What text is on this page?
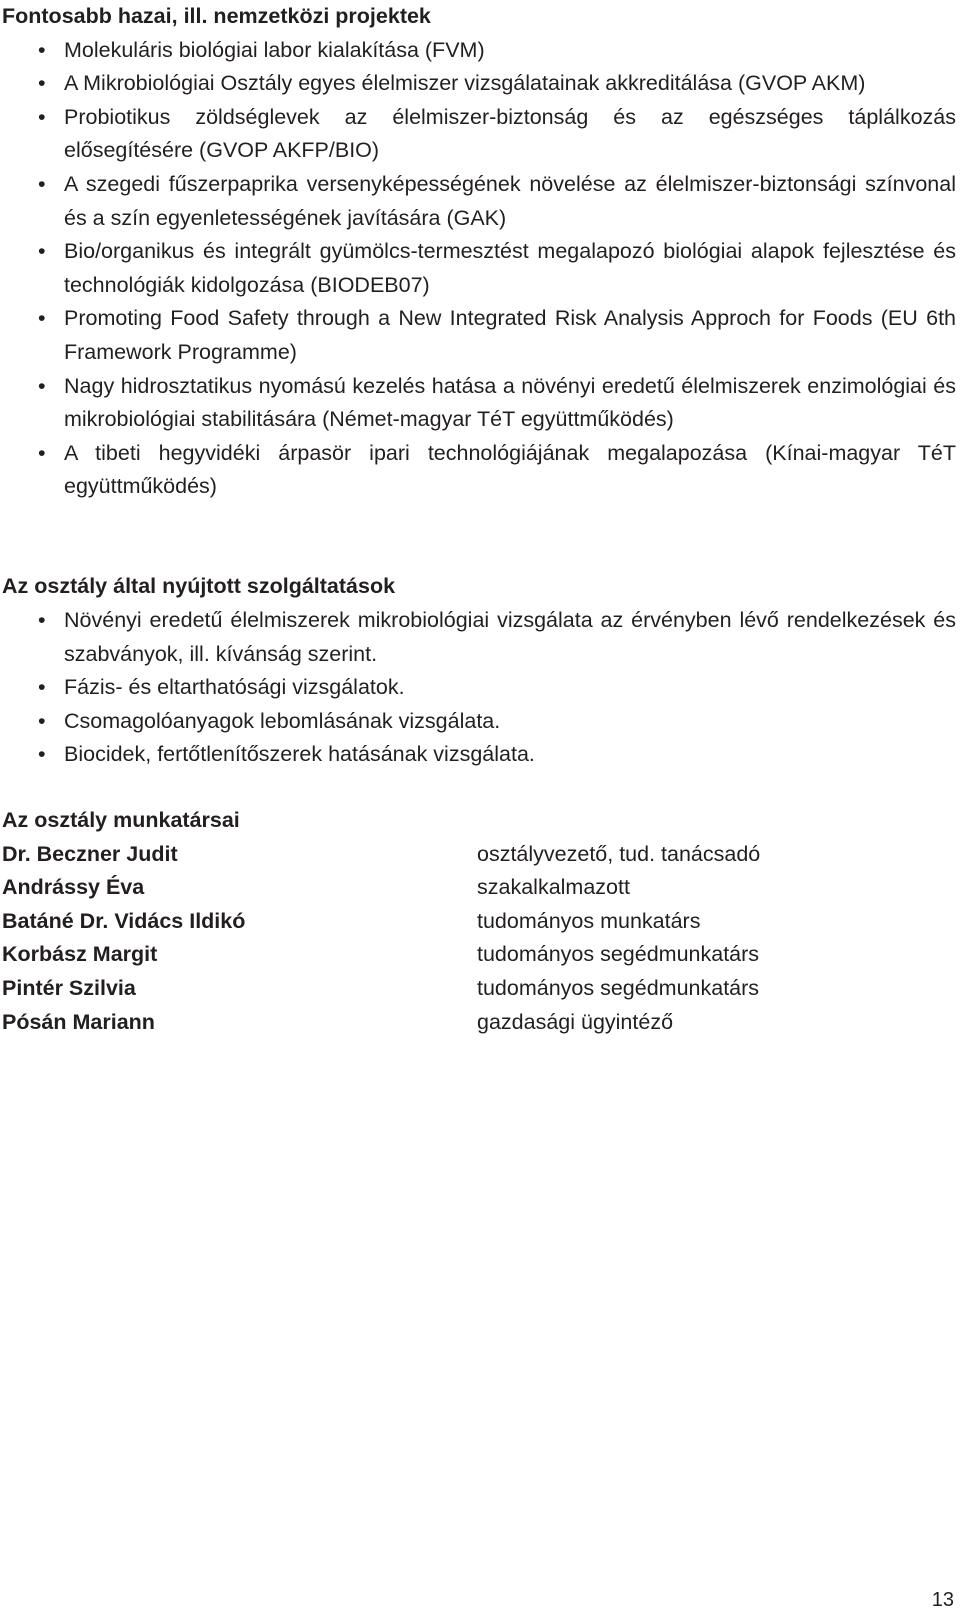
Fontosabb hazai, ill. nemzetközi projektek
• Molekuláris biológiai labor kialakítása (FVM)
• A Mikrobiológiai Osztály egyes élelmiszer vizsgálatainak akkreditálása (GVOP AKM)
• Probiotikus zöldséglevek az élelmiszer-biztonság és az egészséges táplálkozás elősegítésére (GVOP AKFP/BIO)
• A szegedi fűszerpaprika versenyképességének növelése az élelmiszer-biztonsági színvonal és a szín egyenletességének javítására (GAK)
• Bio/organikus és integrált gyümölcs-termesztést megalapozó biológiai alapok fejlesztése és technológiák kidolgozása (BIODEB07)
• Promoting Food Safety through a New Integrated Risk Analysis Approch for Foods (EU 6th Framework Programme)
• Nagy hidrosztatikus nyomású kezelés hatása a növényi eredetű élelmiszerek enzimológiai és mikrobiológiai stabilitására (Német-magyar TéT együttműködés)
• A tibeti hegyvidéki árpasör ipari technológiájának megalapozása (Kínai-magyar TéT együttműködés)
Az osztály által nyújtott szolgáltatások
• Növényi eredetű élelmiszerek mikrobiológiai vizsgálata az érvényben lévő rendelkezések és szabványok, ill. kívánság szerint.
• Fázis- és eltarthatósági vizsgálatok.
• Csomagolóanyagok lebomlásának vizsgálata.
• Biocidek, fertőtlenítőszerek hatásának vizsgálata.
Az osztály munkatársai
Dr. Beczner Judit	osztályvezető, tud. tanácsadó
Andrássy Éva	szakalkalmazott
Batáné Dr. Vidács Ildikó	tudományos munkatárs
Korbász Margit	tudományos segédmunkatárs
Pintér Szilvia	tudományos segédmunkatárs
Pósán Mariann	gazdasági ügyintéző
13
